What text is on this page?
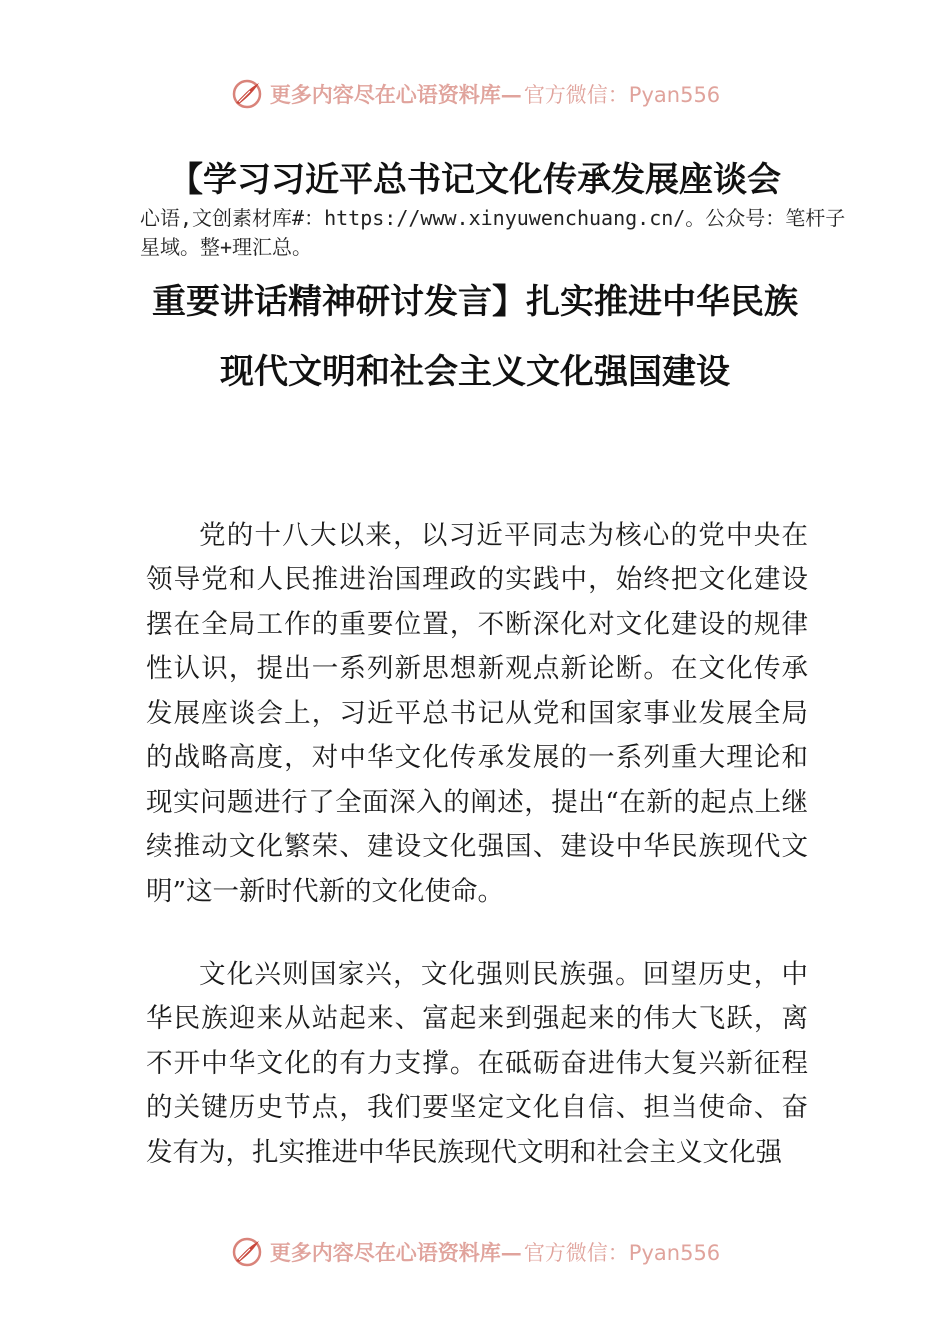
更多内容尽在心语资料库— 官方微信：Pyan556
【学习习近平总书记文化传承发展座谈会
心语,文创素材库#：https://www.xinyuwenchuang.cn/。公众号：笔杆子星域。整+理汇总。
重要讲话精神研讨发言】扎实推进中华民族
现代文明和社会主义文化强国建设

党的十八大以来，以习近平同志为核心的党中央在领导党和人民推进治国理政的实践中，始终把文化建设摆在全局工作的重要位置，不断深化对文化建设的规律性认识，提出一系列新思想新观点新论断。在文化传承发展座谈会上，习近平总书记从党和国家事业发展全局的战略高度，对中华文化传承发展的一系列重大理论和现实问题进行了全面深入的阐述，提出“在新的起点上继续推动文化繁荣、建设文化强国、建设中华民族现代文明”这一新时代新的文化使命。

文化兴则国家兴，文化强则民族强。回望历史，中华民族迎来从站起来、富起来到强起来的伟大飞跃，离不开中华文化的有力支撑。在砥砺奋进伟大复兴新征程的关键历史节点，我们要坚定文化自信、担当使命、奋发有为，扎实推进中华民族现代文明和社会主义文化强

更多内容尽在心语资料库— 官方微信：Pyan556
